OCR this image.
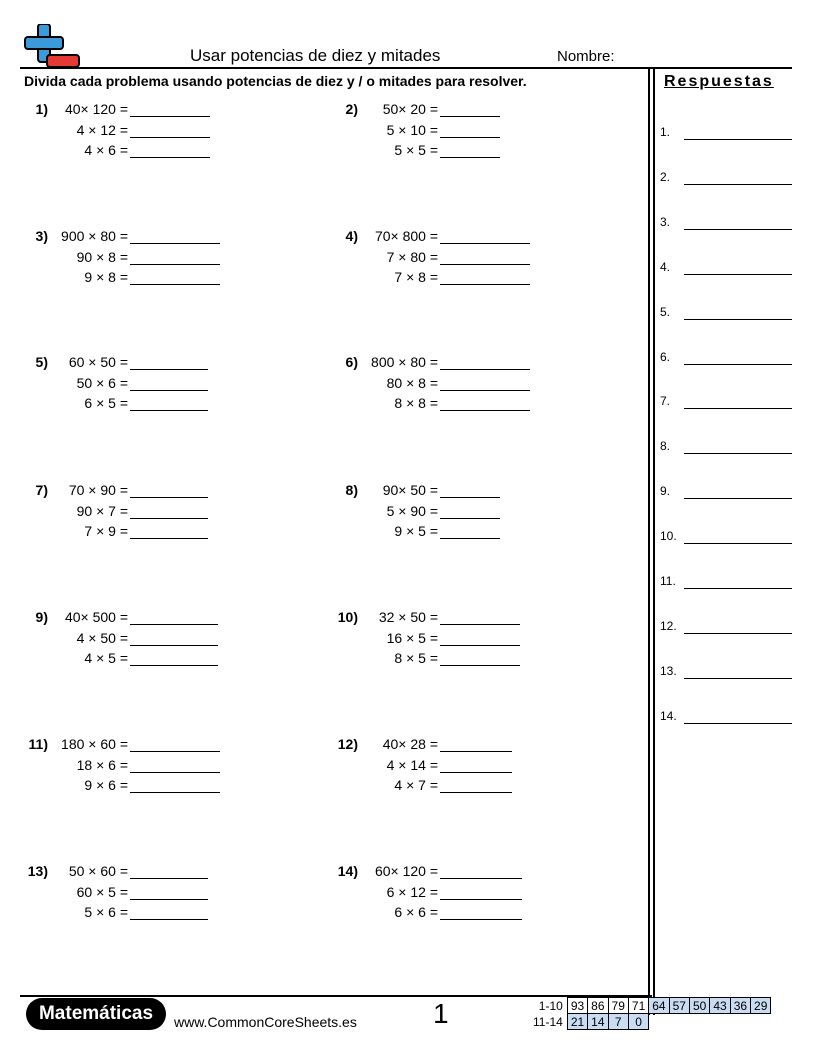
Usar potencias de diez y mitades	Nombre:
Divida cada problema usando potencias de diez y / o mitades para resolver.	Respuestas
1.
2.
3.
4.
5.
6.
7.
8.
9.
10.
11.
12.
13.
14.
1) 40× 120 =
4 × 12 =
4 × 6 =
2) 50× 20 =
5 × 10 =
5 × 5 =
3) 900 × 80 =
90 × 8 =
9 × 8 =
4) 70× 800 =
7 × 80 =
7 × 8 =
5) 60 × 50 =
50 × 6 =
6 × 5 =
6) 800 × 80 =
80 × 8 =
8 × 8 =
7) 70 × 90 =
90 × 7 =
7 × 9 =
8) 90× 50 =
5 × 90 =
9 × 5 =
9) 40× 500 =
4 × 50 =
4 × 5 =
10) 32 × 50 =
16 × 5 =
8 × 5 =
11) 180 × 60 =
18 × 6 =
9 × 6 =
12) 40× 28 =
4 × 14 =
4 × 7 =
13) 50 × 60 =
60 × 5 =
5 × 6 =
14) 60× 120 =
6 × 12 =
6 × 6 =
Matemáticas	www.CommonCoreSheets.es	1	1-10	93	86	79	71	64	57	50	43	36	29
11-14	21	14	7	0						
